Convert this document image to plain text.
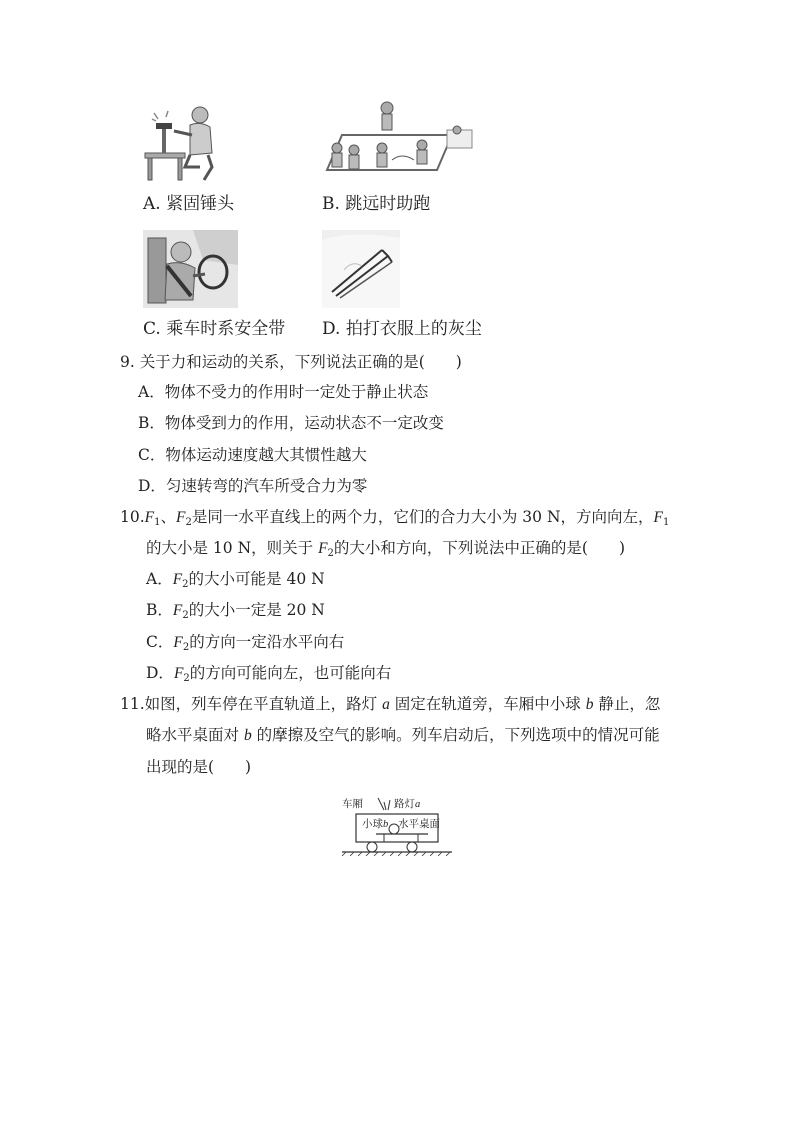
A. 紧固锤头	B. 跳远时助跑
C. 乘车时系安全带 D. 拍打衣服上的灰尘
9. 关于力和运动的关系，下列说法正确的是(　　)
A．物体不受力的作用时一定处于静止状态
B．物体受到力的作用，运动状态不一定改变
C．物体运动速度越大其惯性越大
D．匀速转弯的汽车所受合力为零
$10.F_1$、$F_2$是同一水平直线上的两个力，它们的合力大小为 30 N，方向向左，$F_1$
的大小是 10 N，则关于 $F_2$的大小和方向，下列说法中正确的是(　　)
A．$F_2$的大小可能是 40 N
B．$F_2$的大小一定是 20 N
C．$F_2$的方向一定沿水平向右
D．$F_2$的方向可能向左，也可能向右
11.如图，列车停在平直轨道上，路灯 a 固定在轨道旁，车厢中小球 b 静止，忽
略水平桌面对 b 的摩擦及空气的影响。列车启动后，下列选项中的情况可能
出现的是(　　)
车厢	路灯a
小球b 水平桌面
